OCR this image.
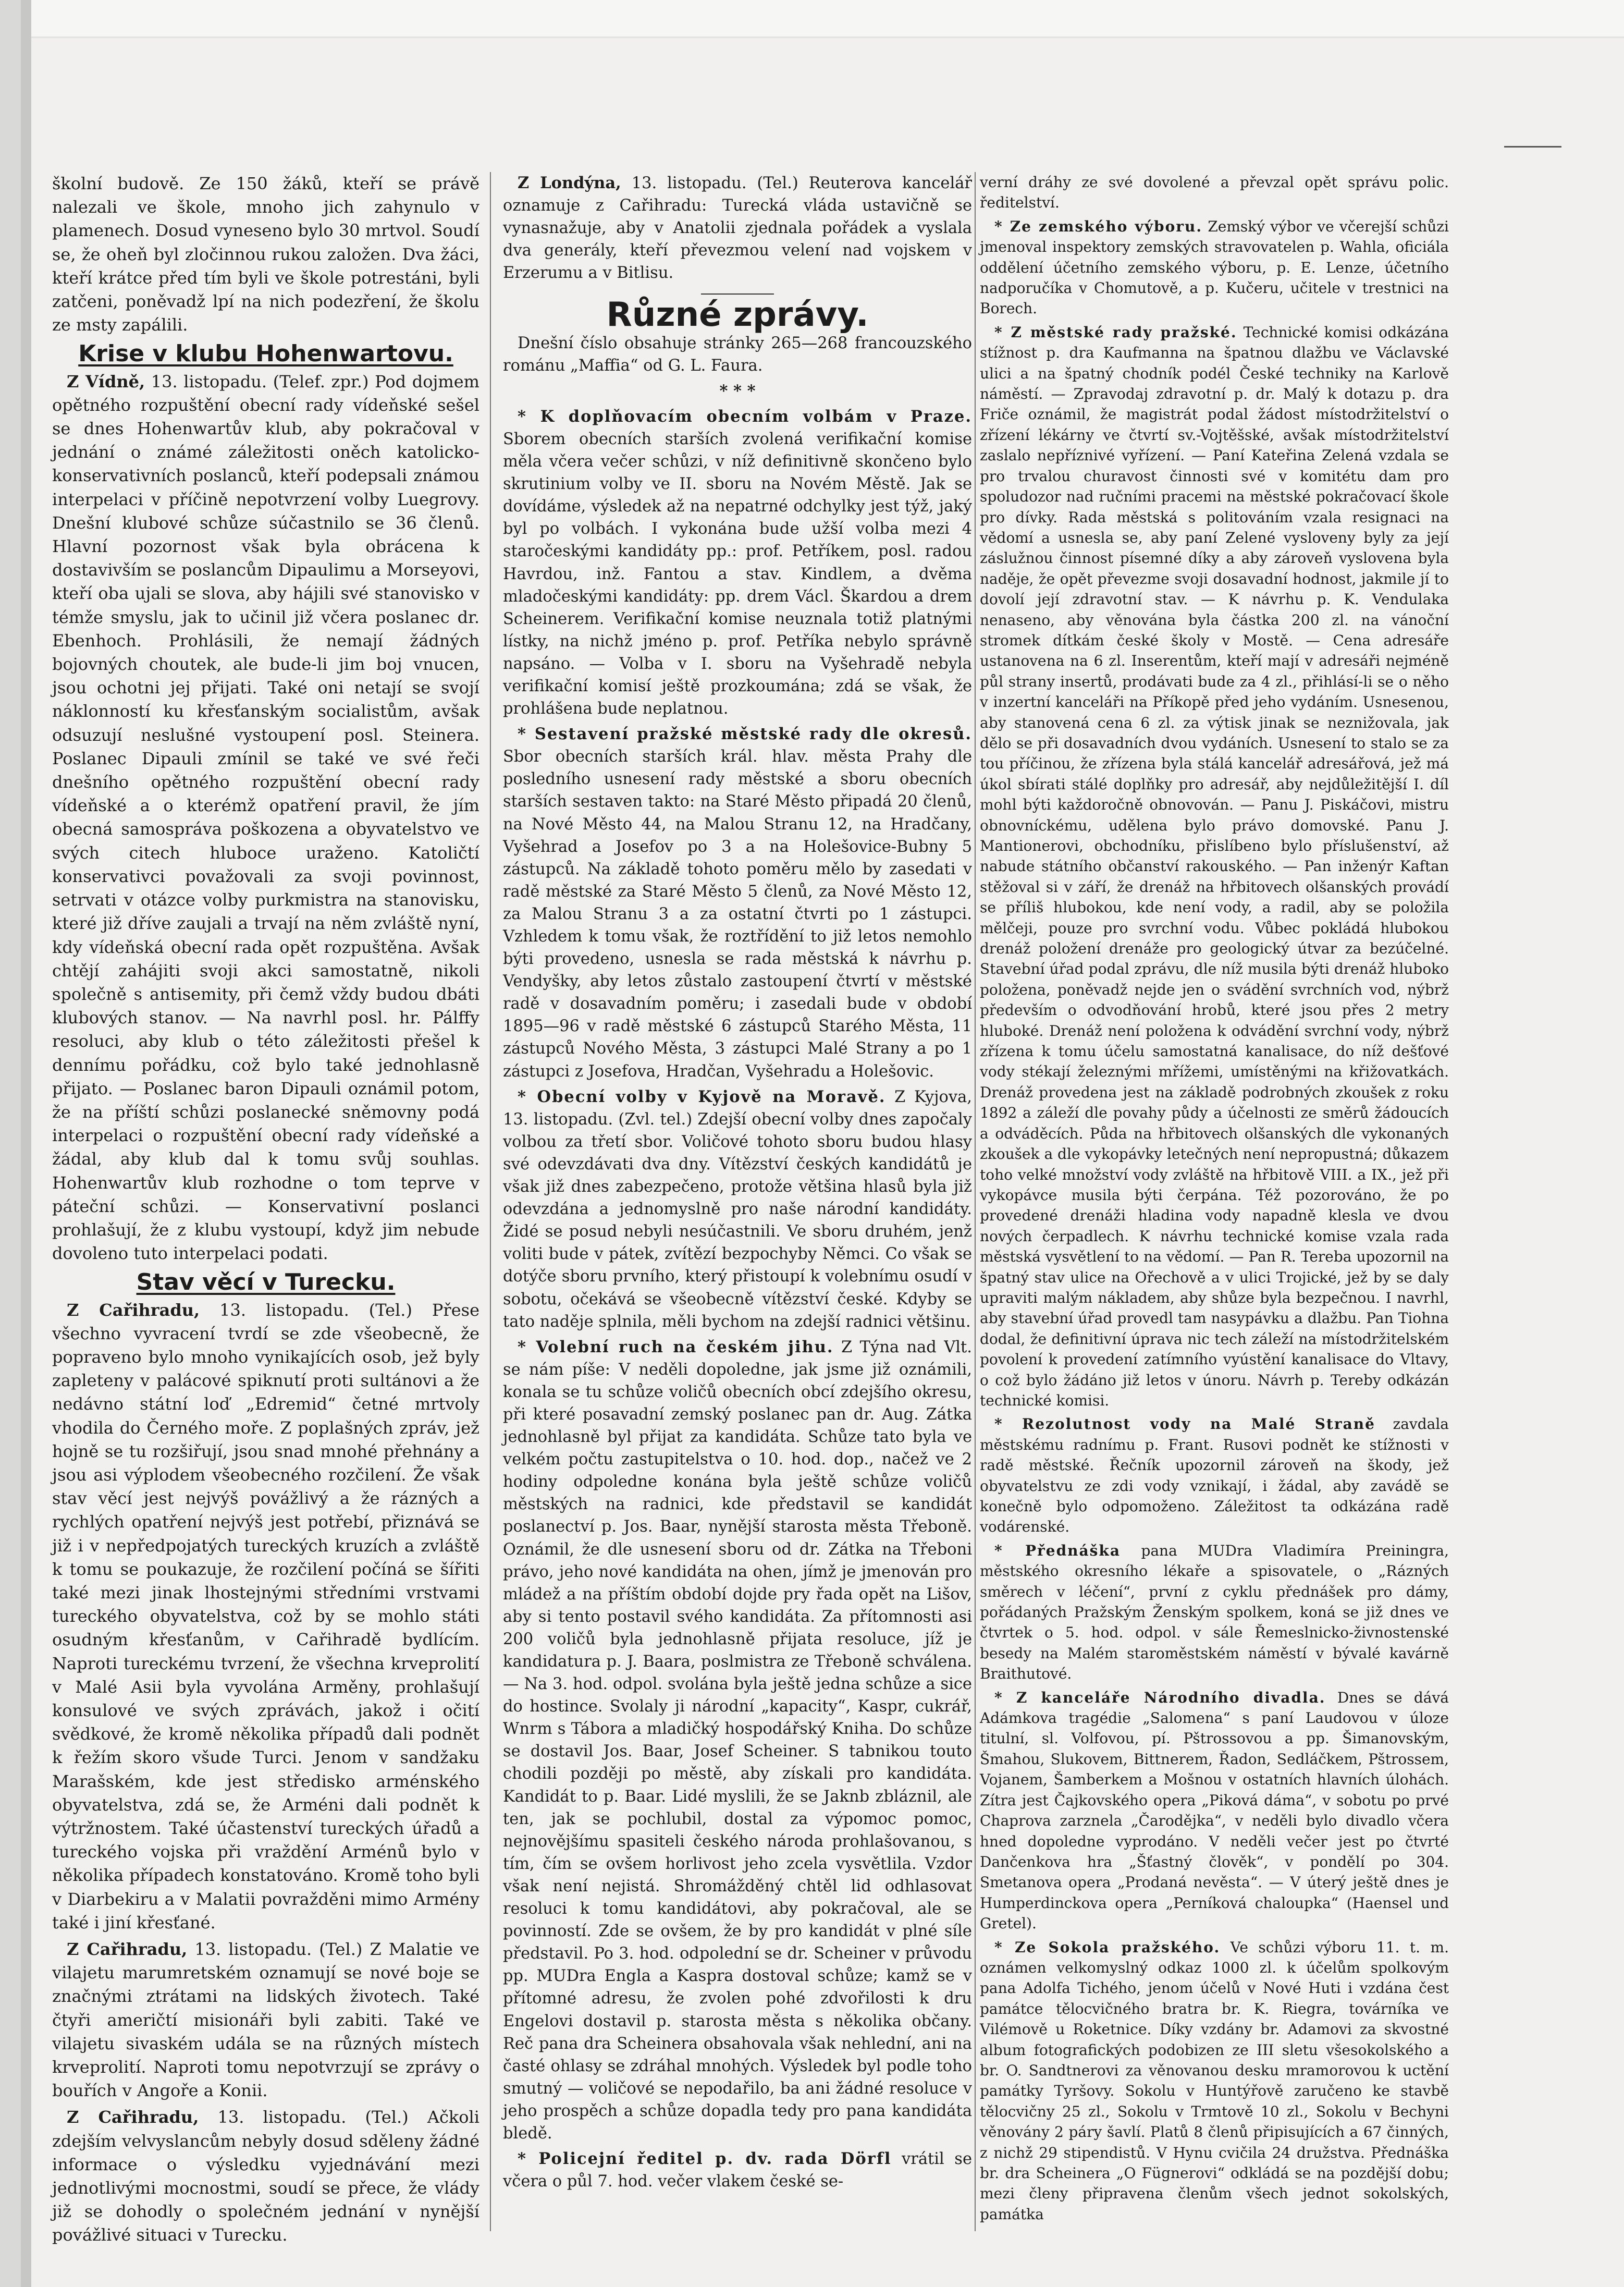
školní budově. Ze 150 žáků, kteří se právě nalezali ve škole, mnoho jich zahynulo v plamenech. Dosud vyneseno bylo 30 mrtvol. Soudí se, že oheň byl zločinnou rukou založen. Dva žáci, kteří krátce před tím byli ve škole potrestáni, byli zatčeni, poněvadž lpí na nich podezření, že školu ze msty zapálili.

Krise v klubu Hohenwartovu.

Z Vídně, 13. listopadu. (Telef. zpr.) Pod dojmem opětného rozpuštění obecní rady vídeňské sešel se dnes Hohenwartův klub, aby pokračoval v jednání o známé záležitosti oněch katolicko-konservativních poslanců, kteří podepsali známou interpelaci v příčině nepotvrzení volby Luegrovy. Dnešní klubové schůze súčastnilo se 36 členů. Hlavní pozornost však byla obrácena k dostavivším se poslancům Dipaulimu a Morseyovi, kteří oba ujali se slova, aby hájili své stanovisko v témže smyslu, jak to učinil již včera poslanec dr. Ebenhoch. Prohlásili, že nemají žádných bojovných choutek, ale bude-li jim boj vnucen, jsou ochotni jej přijati. Také oni netají se svojí náklonností ku křesťanským socialistům, avšak odsuzují neslušné vystoupení posl. Steinera. Poslanec Dipauli zmínil se také ve své řeči dnešního opětného rozpuštění obecní rady vídeňské a o kterémž opatření pravil, že jím obecná samospráva poškozena a obyvatelstvo ve svých citech hluboce uraženo. Katoličtí konservativci považovali za svoji povinnost, setrvati v otázce volby purkmistra na stanovisku, které již dříve zaujali a trvají na něm zvláště nyní, kdy vídeňská obecní rada opět rozpuštěna. Avšak chtějí zahájiti svoji akci samostatně, nikoli společně s antisemity, při čemž vždy budou dbáti klubových stanov. — Na navrhl posl. hr. Pálffy resoluci, aby klub o této záležitosti přešel k dennímu pořádku, což bylo také jednohlasně přijato. — Poslanec baron Dipauli oznámil potom, že na příští schůzi poslanecké sněmovny podá interpelaci o rozpuštění obecní rady vídeňské a žádal, aby klub dal k tomu svůj souhlas. Hohenwartův klub rozhodne o tom teprve v páteční schůzi. — Konservativní poslanci prohlašují, že z klubu vystoupí, když jim nebude dovoleno tuto interpelaci podati.

Stav věcí v Turecku.

Z Cařihradu, 13. listopadu. (Tel.) Přese všechno vyvracení tvrdí se zde všeobecně, že popraveno bylo mnoho vynikajících osob, jež byly zapleteny v palácové spiknutí proti sultánovi a že nedávno státní loď „Edremid“ četné mrtvoly vhodila do Černého moře. Z poplašných zpráv, jež hojně se tu rozšiřují, jsou snad mnohé přehnány a jsou asi výplodem všeobecného rozčilení. Že však stav věcí jest nejvýš povážlivý a že rázných a rychlých opatření nejvýš jest potřebí, přiznává se již i v nepředpojatých tureckých kruzích a zvláště k tomu se poukazuje, že rozčilení počíná se šířiti také mezi jinak lhostejnými středními vrstvami tureckého obyvatelstva, což by se mohlo státi osudným křesťanům, v Cařihradě bydlícím. Naproti tureckému tvrzení, že všechna krveprolití v Malé Asii byla vyvolána Arměny, prohlašují konsulové ve svých zprávách, jakož i očití svědkové, že kromě několika případů dali podnět k řežím skoro všude Turci. Jenom v sandžaku Marašském, kde jest střediskо arménského obyvatelstva, zdá se, že Arméni dali podnět k výtržnostem. Také účastenství tureckých úřadů a tureckého vojska při vraždění Arménů bylo v několika případech konstatováno. Kromě toho byli v Diarbekiru a v Malatii povražděni mimo Armény také i jiní křesťané.

Z Cařihradu, 13. listopadu. (Tel.) Z Malatie ve vilajetu marumretském oznamují se nové boje se značnými ztrátami na lidských životech. Také čtyři američtí misionáři byli zabiti. Také ve vilajetu sivaském udála se na různých místech krveprolití. Naproti tomu nepotvrzují se zprávy o bouřích v Angoře a Konii.

Z Cařihradu, 13. listopadu. (Tel.) Ačkoli zdejším velvyslancům nebyly dosud sděleny žádné informace o výsledku vyjednávání mezi jednotlivými mocnostmi, soudí se přece, že vlády již se dohodly o společném jednání v nynější povážlivé situaci v Turecku.

Z Londýna, 13. listopadu. (Tel.) Reuterova kancelář oznamuje z Cařihradu: Turecká vláda ustavičně se vynasnažuje, aby v Anatolii zjednala pořádek a vyslala dva generály, kteří převezmou velení nad vojskem v Erzerumu a v Bitlisu.

Různé zprávy.

Dnešní číslo obsahuje stránky 265—268 francouzského románu „Maffia“ od G. L. Faura.

* * *

* K doplňovacím obecním volbám v Praze. Sborem obecních starších zvolená verifikační komise měla včera večer schůzi, v níž definitivně skončeno bylo skrutinium volby ve II. sboru na Novém Městě. Jak se dovídáme, výsledek až na nepatrné odchylky jest týž, jaký byl po volbách. I vykonána bude užší volba mezi 4 staročeskými kandidáty pp.: prof. Petříkem, posl. radou Havrdou, inž. Fantou a stav. Kindlem, a dvěma mladočeskými kandidáty: pp. drem Václ. Škardou a drem Scheinerem. Verifikační komise neuznala totiž platnými lístky, na nichž jméno p. prof. Petříka nebylo správně napsáno. — Volba v I. sboru na Vyšehradě nebyla verifikační komisí ještě prozkoumána; zdá se však, že prohlášena bude neplatnou.

* Sestavení pražské městské rady dle okresů. Sbor obecních starších král. hlav. města Prahy dle posledního usnesení rady městské a sboru obecních starších sestaven takto: na Staré Město připadá 20 členů, na Nové Město 44, na Malou Stranu 12, na Hradčany, Vyšehrad a Josefov po 3 a na Holešovice-Bubny 5 zástupců. Na základě tohoto poměru mělo by zasedati v radě městské za Staré Město 5 členů, za Nové Město 12, za Malou Stranu 3 a za ostatní čtvrti po 1 zástupci. Vzhledem k tomu však, že roztřídění to již letos nemohlo býti provedeno, usnesla se rada městská k návrhu p. Vendyšky, aby letos zůstalo zastoupení čtvrtí v městské radě v dosavadním poměru; i zasedali bude v období 1895—96 v radě městské 6 zástupců Starého Města, 11 zástupců Nového Města, 3 zástupci Malé Strany a po 1 zástupci z Josefova, Hradčan, Vyšehradu a Holešovic.

* Obecní volby v Kyjově na Moravě. Z Kyjova, 13. listopadu. (Zvl. tel.) Zdejší obecní volby dnes započaly volbou za třetí sbor. Voličové tohoto sboru budou hlasy své odevzdávati dva dny. Vítězství českých kandidátů je však již dnes zabezpečeno, protože většina hlasů byla již odevzdána a jednomyslně pro naše národní kandidáty. Židé se posud nebyli nesúčastnili. Ve sboru druhém, jenž voliti bude v pátek, zvítězí bezpochyby Němci. Co však se dotýče sboru prvního, který přistoupí k volebnímu osudí v sobotu, očekává se všeobecně vítězství české. Kdyby se tato naděje splnila, měli bychom na zdejší radnici většinu.

* Volební ruch na českém jihu. Z Týna nad Vlt. se nám píše: V neděli dopoledne, jak jsme již oznámili, konala se tu schůze voličů obecních obcí zdejšího okresu, při které posavadní zemský poslanec pan dr. Aug. Zátka jednohlasně byl přijat za kandidáta. Schůze tato byla ve velkém počtu zastupitelstva o 10. hod. dop., načež ve 2 hodiny odpoledne konána byla ještě schůze voličů městských na radnici, kde představil se kandidát poslanectví p. Jos. Baar, nynější starosta města Třeboně. Oznámil, že dle usnesení sboru od dr. Zátka na Třeboni právo, jeho nové kandidáta na ohen, jímž je jmenován pro mládež a na příštím období dojde pry řada opět na Lišov, aby si tento postavil svého kandidáta. Za přítomnosti asi 200 voličů byla jednohlasně přijata resoluce, jíž je kandidatura p. J. Baara, poslmistra ze Třeboně schválena. — Na 3. hod. odpol. svolána byla ještě jedna schůze a sice do hostince. Svolaly ji národní „kapacity“, Kaspr, cukrář, Wnrm s Tábora a mladičký hospodářský Kniha. Do schůze se dostavil Jos. Baar, Josef Scheiner. S tabnikou touto chodili později po městě, aby získali pro kandidáta. Kandidát to p. Baar. Lidé myslili, že se Jaknb zbláznil, ale ten, jak se pochlubil, dostal za výpomoc pomoc, nejnovějšímu spasiteli českého národa prohlašovanou, s tím, čím se ovšem horlivost jeho zcela vysvětlila. Vzdor však není nejistá. Shromážděný chtěl lid odhlasovat resoluci k tomu kandidátovi, aby pokračoval, ale se povinností. Zde se ovšem, že by pro kandidát v plné síle představil. Po 3. hod. odpolední se dr. Scheiner v průvodu pp. MUDra Engla a Kaspra dostoval schůze; kamž se v přítomné adresu, že zvolen pohé zdvořilosti k dru Engelovi dostavil p. starosta města s několika občany. Reč pana dra Scheinera obsahovala však nehlední, ani na časté ohlasy se zdráhal mnohých. Výsledek byl podle toho smutný — voličové se nepodařilo, ba ani žádné resoluce v jeho prospěch a schůze dopadla tedy pro pana kandidáta bledě.

* Policejní ředitel p. dv. rada Dörfl vrátil se včera o půl 7. hod. večer vlakem české se-

verní dráhy ze své dovolené a převzal opět správu polic. ředitelství.

* Ze zemského výboru. Zemský výbor ve včerejší schůzi jmenoval inspektory zemských stravovatelen p. Wahla, oficiála oddělení účetního zemského výboru, p. E. Lenze, účetního nadporučíka v Chomutově, a p. Kučeru, učitele v trestnici na Borech.

* Z městské rady pražské. Technické komisi odkázána stížnost p. dra Kaufmanna na špatnou dlažbu ve Václavské ulici a na špatný chodník podél České techniky na Karlově náměstí. — Zpravodaj zdravotní p. dr. Malý k dotazu p. dra Friče oznámil, že magistrát podal žádost místodržitelství o zřízení lékárny ve čtvrtí sv.-Vojtěšské, avšak místodržitelství zaslalo nepříznivé vyřízení. — Paní Kateřina Zelená vzdala se pro trvalou churavost činnosti své v komitétu dam pro spoludozor nad ručními pracemi na městské pokračovací škole pro dívky. Rada městská s politováním vzala resignaci na vědomí a usnesla se, aby paní Zelené vysloveny byly za její záslužnou činnost písemné díky a aby zároveň vyslovena byla naděje, že opět převezme svoji dosavadní hodnost, jakmile jí to dovolí její zdravotní stav. — K návrhu p. K. Vendulaka nenaseno, aby věnována byla částka 200 zl. na vánoční stromek dítkám české školy v Mostě. — Cena adresáře ustanovena na 6 zl. Inserentům, kteří mají v adresáři nejméně půl strany insertů, prodávati bude za 4 zl., přihlásí-li se o něho v inzertní kanceláři na Příkopě před jeho vydáním. Usnesenou, aby stanovená cena 6 zl. za výtisk jinak se neznižovala, jak dělo se při dosavadních dvou vydáních. Usnesení to stalo se za tou příčinou, že zřízena byla stálá kancelář adresářová, jež má úkol sbírati stálé doplňky pro adresář, aby nejdůležitější I. díl mohl býti každoročně obnovován. — Panu J. Piskáčovi, mistru obnovníckému, udělena bylo právo domovské. Panu J. Mantionerovi, obchodníku, přislíbeno bylo příslušenství, až nabude státního občanství rakouského. — Pan inženýr Kaftan stěžoval si v září, že drenáž na hřbitovech olšanských provádí se příliš hlubokou, kde není vody, a radil, aby se položila mělčeji, pouze pro svrchní vodu. Vůbec pokládá hlubokou drenáž položení drenáže pro geologický útvar za bezúčelné. Stavební úřad podal zprávu, dle níž musila býti drenáž hluboko položena, poněvadž nejde jen o svádění svrchních vod, nýbrž především o odvodňování hrobů, které jsou přes 2 metry hluboké. Drenáž není položena k odvádění svrchní vody, nýbrž zřízena k tomu účelu samostatná kanalisace, do níž dešťové vody stékají železnými mřížemi, umístěnými na křižovatkách. Drenáž provedena jest na základě podrobných zkoušek z roku 1892 a záleží dle povahy půdy a účelnosti ze směrů žádoucích a odváděcích. Půda na hřbitovech olšanských dle vykonaných zkoušek a dle vykopávky letečných není nepropustná; důkazem toho velké množství vody zvláště na hřbitově VIII. a IX., jež při vykopávce musila býti čerpána. Též pozorováno, že po provedené drenáži hladina vody napadně klesla ve dvou nových čerpadlech. K návrhu technické komise vzala rada městská vysvětlení to na vědomí. — Pan R. Tereba upozornil na špatný stav ulice na Ořechově a v ulici Trojické, jež by se daly upraviti malým nákladem, aby shůze byla bezpečnou. I navrhl, aby stavební úřad provedl tam nasypávku a dlažbu. Pan Tiohna dodal, že definitivní úprava nic tech záleží na místodržitelském povolení k provedení zatímního vyústění kanalisace do Vltavy, o což bylo žádáno již letos v únoru. Návrh p. Tereby odkázán technické komisi.

* Rezolutnost vody na Malé Straně zavdala městskému radnímu p. Frant. Rusovi podnět ke stížnosti v radě městské. Řečník upozornil zároveň na škody, jež obyvatelstvu ze zdi vody vznikají, i žádal, aby zavádě se konečně bylo odpomoženo. Záležitost ta odkázána radě vodárenské.

* Přednáška pana MUDra Vladimíra Preiningra, městského okresního lékaře a spisovatele, o „Rázných směrech v léčení“, první z cyklu přednášek pro dámy, pořádaných Pražským Ženským spolkem, koná se již dnes ve čtvrtek o 5. hod. odpol. v sále Řemeslnicko-živnostenské besedy na Malém staroměstském náměstí v bývalé kavárně Braithutové.

* Z kanceláře Národního divadla. Dnes se dává Adámkova tragédie „Salomena“ s paní Laudovou v úloze titulní, sl. Volfovou, pí. Pštrossovou a pp. Šimanovským, Šmahou, Slukovem, Bittnerem, Řadon, Sedláčkem, Pštrossem, Vojanem, Šamberkem a Mošnou v ostatních hlavních úlohách. Zítra jest Čajkovského opera „Piková dáma“, v sobotu po prvé Chaprova zarznela „Čarodějka“, v neděli bylo divadlo včera hned dopoledne vyprodáno. V neděli večer jest po čtvrté Dančenkova hra „Šťastný člověk“, v pondělí po 304. Smetanova opera „Prodaná nevěsta“. — V úterý ještě dnes je Humperdinckova opera „Perníková chaloupka“ (Haensel und Gretel).

* Ze Sokola pražského. Ve schůzi výboru 11. t. m. oznámen velkomyslný odkaz 1000 zl. k účelům spolkovým pana Adolfa Tichého, jenom účelů v Nové Huti i vzdána čest památce tělocvičného bratra br. K. Riegra, továrníka ve Vilémově u Roketnice. Díky vzdány br. Adamovi za skvostné album fotografických podobizen ze III sletu všesokolského a br. O. Sandtnerovi za věnovanou desku mramorovou k uctění památky Tyršovy. Sokolu v Huntýřově zaručeno ke stavbě tělocvičny 25 zl., Sokolu v Trmtově 10 zl., Sokolu v Bechyni věnovány 2 páry šavlí. Platů 8 členů připisujících a 67 činných, z nichž 29 stipendistů. V Hynu cvičila 24 družstva. Přednáška br. dra Scheinera „O Fügnerovi“ odkládá se na pozdější dobu; mezi členy připravena členům všech jednot sokolských, památka
